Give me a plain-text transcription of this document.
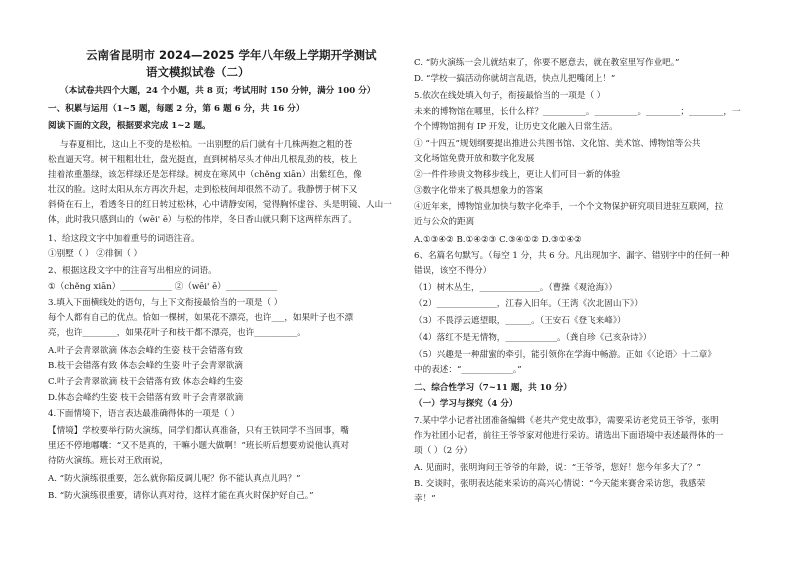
云南省昆明市 2024—2025 学年八年级上学期开学测试
语文模拟试卷（二）
（本试卷共四个大题，24 个小题，共 8 页；考试用时 150 分钟，满分 100 分）
一、积累与运用（1~5 题，每题 2 分，第 6 题 6 分，共 16 分）
阅读下面的文段，根据要求完成 1~2 题。
与春夏相比，这山上不变的是松柏。一出别墅的后门就有十几株两抱之粗的苍
松直逼天穹。树干粗粗壮壮，盘光挺直，直到树梢尽头才伸出几根乱劲的枝，枝上
挂着浓重墨绿，该怎样绿还是怎样绿。树皮在寒风中（chěng xiān）出紫红色，像
壮汉的脸。这时太阳从东方再次升起，走到松枝间却很然不动了。我静愣于树下又
斜倚在石上，看透冬日的红日转过松林，心中请静安闲，觉得胸怀虚谷、头是明镜、人山一
体，此时我只感到山的（wēi' ē）与松的伟岸，冬日香山就只剩下这两样东西了。
1、给这段文字中加着重号的词语注音。
①别墅（ ） ②徘徊（ ）
2、根据这段文字中的注音写出相应的词语。
①（chěng xiān）____________ ②（wēi' ē）____________
3.填入下面横线处的语句，与上下文衔接最恰当的一项是（ ）
每个人都有自己的优点。恰如一棵树，如果花不漂亮，也许___，如果叶子也不漂
亮，也许________，如果花叶子和枝干都不漂亮，也许__________。
A.叶子会青翠欲滴 体态会峰约生姿 枝干会错落有致
B.枝干会错落有致 体态会峰约生姿 叶子会青翠欲滴
C.叶子会青翠欲滴 枝干会错落有致 体态会峰约生姿
D.体态会峰约生姿 枝干会错落有致 叶子会青翠欲滴
4.下面情境下，语言表达最准确得体的一项是（ ）
【情境】学校要举行防火演练，同学们都认真准备，只有王铁同学不当回事，嘴
里还不停地嘟囔：“又不是真的，干嘛小题大做啊！”班长听后想要劝说他认真对
待防火演练。班长对王欣雨说，
A. “防火演练很重要，怎么就你陷反调儿呢？你不能认真点儿吗？”
B. “防火演练很重要，请你认真对待，这样才能在真火时保护好自己。”
C. “防火演练一会儿就结束了，你要不愿意去，就在教室里写作业吧。”
D. “学校一搞活动你就胡言乱语，快点儿把嘴闭上！”
5.依次在线处填入句子，衔接最恰当的一项是（ ）
未来的博物馆在哪里，长什么样？__________。__________。________；________，一
个个博物馆拥有 IP 开发，让历史文化融入日常生活。
① “十四五”规划纲要提出推进公共图书馆、文化馆、美术馆、博物馆等公共
文化场馆免费开放和数字化发展
②一件件珍贵文物移步线上，更让人们可目一新的体验
③数字化带来了极具想象力的答案
④近年来，博物馆业加快与数字化牵手，一个个文物保护研究项目进驻互联网，拉
近与公众的距离
A.①③④② B.①④②③ C.③④①② D.③①④②
6、名篇名句默写。（每空 1 分，共 6 分。凡出现加字、漏字、错别字中的任何一种
错误，该空不得分）
（1）树木丛生，______________。（曹操《观沧海》）
（2）______________，江春入旧年。（王湾《次北固山下》）
（3）不畏浮云遮望眼，______。（王安石《登飞来峰》）
（4）落红不是无情物，____________。（龚自珍《己亥杂诗》）
（5）兴趣是一种甜蜜的牵引，能引领你在学海中畅游。正如《〈论语〉十二章》
中的表述：“____________。”
二、综合性学习（7~11 题，共 10 分）
（一）学习与探究（4 分）
7.某中学小记者社团准备编辑《老共产党史故事》，需要采访老党员王爷爷，张明
作为社团小记者，前往王爷爷家对他进行采访。请选出下面语境中表述最得体的一
项（ ）（2 分）
A. 见面时，张明询问王爷爷的年龄，说：“王爷爷，您好！您今年多大了？”
B. 交谈时，张明表达能来采访的高兴心情说：“今天能来赛舍采访您，我感荣
幸！”
